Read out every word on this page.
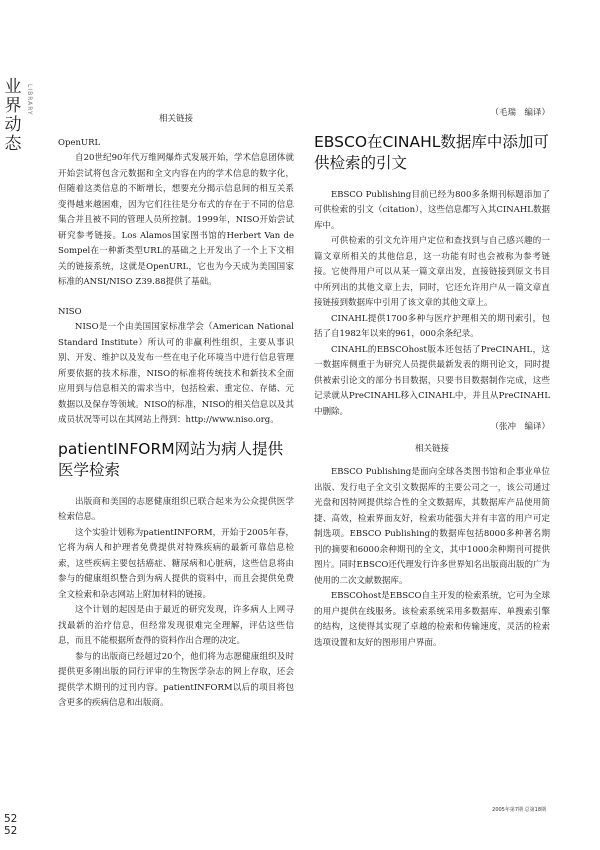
业
界
动
态
LIBRARY
相关链接

OpenURL

自20世纪90年代万维网爆炸式发展开始，学术信息团体就开始尝试将包含元数据和全文内容在内的学术信息的数字化，但随着这类信息的不断增长，想要充分揭示信息间的相互关系变得越来越困难，因为它们往往是分布式的存在于不同的信息集合并且被不同的管理人员所控制。1999年，NISO开始尝试研究参考链接。Los Alamos国家图书馆的Herbert Van de Sompel在一种新类型URL的基础之上开发出了一个上下文相关的链接系统，这就是OpenURL，它也为今天成为美国国家标准的ANSI/NISO Z39.88提供了基础。

NISO

NISO是一个由美国国家标准学会（American National Standard Institute）所认可的非赢利性组织，主要从事识别、开发、维护以及发布一些在电子化环境当中进行信息管理所要依据的技术标准，NISO的标准将传统技术和新技术全面应用到与信息相关的需求当中，包括检索、重定位、存储、元数据以及保存等领域。NISO的标准，NISO的相关信息以及其成员状况等可以在其网站上得到：http://www.niso.org。

patientINFORM网站为病人提供医学检索

出版商和美国的志愿健康组织已联合起来为公众提供医学检索信息。

这个实验计划称为patientINFORM，开始于2005年春，它将为病人和护理者免费提供对特殊疾病的最新可靠信息检索，这些疾病主要包括癌症、糖尿病和心脏病，这些信息将由参与的健康组织整合到为病人提供的资料中，而且会提供免费全文检索和杂志网站上附加材料的链接。

这个计划的起因是由于最近的研究发现，许多病人上网寻找最新的治疗信息，但经常发现很难完全理解，评估这些信息，而且不能根据所查得的资料作出合理的决定。

参与的出版商已经超过20个，他们将为志愿健康组织及时提供更多刚出版的同行评审的生物医学杂志的网上存取，还会提供学术期刊的过刊内容。patientINFORM以后的项目将包含更多的疾病信息和出版商。

（毛瑞　编译）

EBSCO在CINAHL数据库中添加可供检索的引文

EBSCO Publishing目前已经为800多条期刊标题添加了可供检索的引文（citation），这些信息都写入其CINAHL数据库中。

可供检索的引文允许用户定位和查找到与自己感兴趣的一篇文章所相关的其他信息，这一功能有时也会被称为参考链接。它使得用户可以从某一篇文章出发，直接链接到原文书目中所列出的其他文章上去，同时，它还允许用户从一篇文章直接链接到数据库中引用了该文章的其他文章上。

CINAHL提供1700多种与医疗护理相关的期刊索引，包括了自1982年以来的961，000余条纪录。

CINAHL的EBSCOhost版本还包括了PreCINAHL，这一数据库侧重于为研究人员提供最新发表的期刊论文，同时提供被索引论文的部分书目数据，只要书目数据制作完成，这些记录就从PreCINAHL移入CINAHL中，并且从PreCINAHL中删除。

（张冲　编译）

相关链接

EBSCO Publishing是面向全球各类图书馆和企事业单位出版、发行电子全文引文数据库的主要公司之一，该公司通过光盘和因特网提供综合性的全文数据库，其数据库产品使用简捷、高效，检索界面友好，检索功能强大并有丰富的用户可定制选项。EBSCO Publishing的数据库包括8000多种著名期刊的摘要和6000余种期刊的全文，其中1000余种期刊可提供图片。同时EBSCO还代理发行许多世界知名出版商出版的广为使用的二次文献数据库。

EBSCOhost是EBSCO自主开发的检索系统，它可为全球的用户提供在线服务。该检索系统采用多数据库、单搜索引擎的结构，这使得其实现了卓越的检索和传输速度，灵活的检索选项设置和友好的图形用户界面。

52
52
2005年第7期 总第18期
